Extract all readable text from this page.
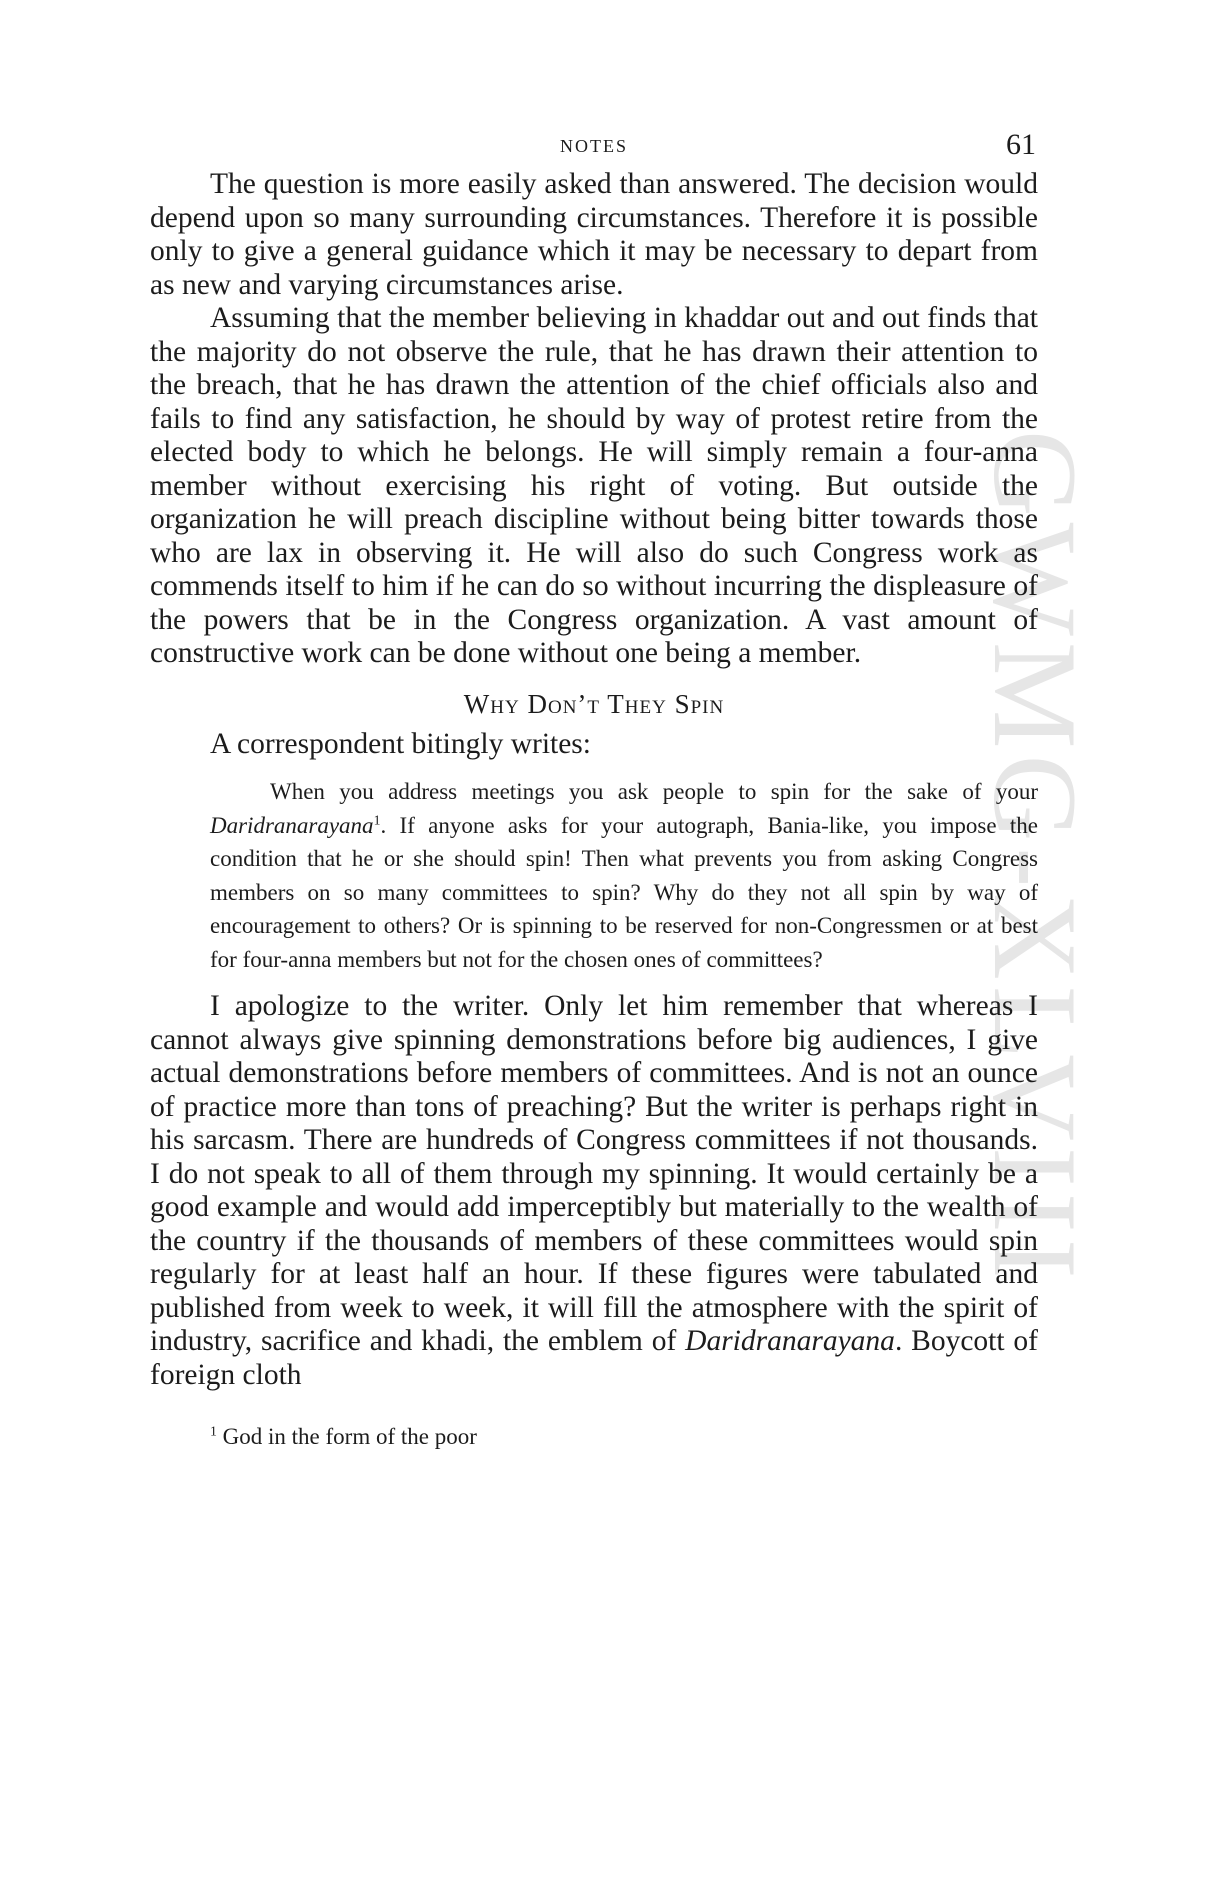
GWMG-XLVIII
NOTES	61

The question is more easily asked than answered. The decision would depend upon so many surrounding circumstances. Therefore it is possible only to give a general guidance which it may be necessary to depart from as new and varying circumstances arise.

Assuming that the member believing in khaddar out and out finds that the majority do not observe the rule, that he has drawn their attention to the breach, that he has drawn the attention of the chief officials also and fails to find any satisfaction, he should by way of protest retire from the elected body to which he belongs. He will simply remain a four-anna member without exercising his right of voting. But outside the organization he will preach discipline without being bitter towards those who are lax in observing it. He will also do such Congress work as commends itself to him if he can do so without incurring the displeasure of the powers that be in the Congress organization. A vast amount of constructive work can be done without one being a member.

Why Don’t They Spin
A correspondent bitingly writes:
When you address meetings you ask people to spin for the sake of your Daridranarayana$^1$. If anyone asks for your autograph, Bania-like, you impose the condition that he or she should spin! Then what prevents you from asking Congress members on so many committees to spin? Why do they not all spin by way of encouragement to others? Or is spinning to be reserved for non-Congressmen or at best for four-anna members but not for the chosen ones of committees?

I apologize to the writer. Only let him remember that whereas I cannot always give spinning demonstrations before big audiences, I give actual demonstrations before members of committees. And is not an ounce of practice more than tons of preaching? But the writer is perhaps right in his sarcasm. There are hundreds of Congress committees if not thousands. I do not speak to all of them through my spinning. It would certainly be a good example and would add imperceptibly but materially to the wealth of the country if the thousands of members of these committees would spin regularly for at least half an hour. If these figures were tabulated and published from week to week, it will fill the atmosphere with the spirit of industry, sacrifice and khadi, the emblem of Daridranarayana. Boycott of foreign cloth

$^1$ God in the form of the poor
